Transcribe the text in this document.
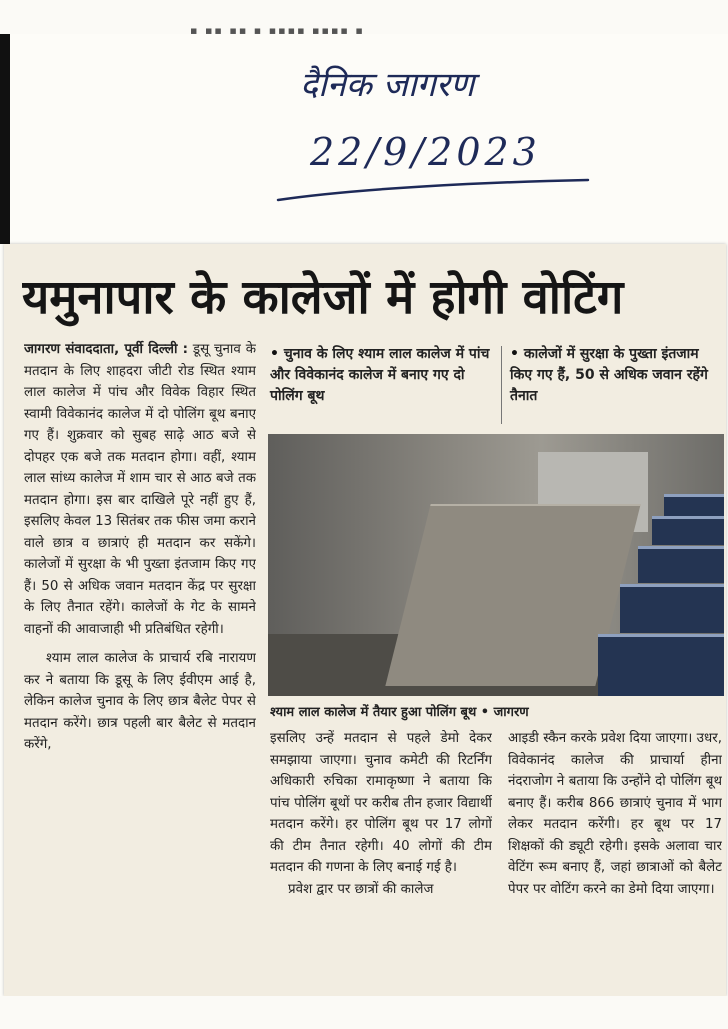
▪ ▪▪ ▪▪ ▪ ▪▪▪▪ ▪▪▪▪ ▪
दैनिक जागरण
22/9/2023
यमुनापार के कालेजों में होगी वोटिंग

जागरण संवाददाता, पूर्वी दिल्ली : डूसू चुनाव के मतदान के लिए शाहदरा जीटी रोड स्थित श्याम लाल कालेज में पांच और विवेक विहार स्थित स्वामी विवेकानंद कालेज में दो पोलिंग बूथ बनाए गए हैं। शुक्रवार को सुबह साढ़े आठ बजे से दोपहर एक बजे तक मतदान होगा। वहीं, श्याम लाल सांध्य कालेज में शाम चार से आठ बजे तक मतदान होगा। इस बार दाखिले पूरे नहीं हुए हैं, इसलिए केवल 13 सितंबर तक फीस जमा कराने वाले छात्र व छात्राएं ही मतदान कर सकेंगे। कालेजों में सुरक्षा के भी पुख्ता इंतजाम किए गए हैं। 50 से अधिक जवान मतदान केंद्र पर सुरक्षा के लिए तैनात रहेंगे। कालेजों के गेट के सामने वाहनों की आवाजाही भी प्रतिबंधित रहेगी।

श्याम लाल कालेज के प्राचार्य रबि नारायण कर ने बताया कि डूसू के लिए ईवीएम आई है, लेकिन कालेज चुनाव के लिए छात्र बैलेट पेपर से मतदान करेंगे। छात्र पहली बार बैलेट से मतदान करेंगे,

• चुनाव के लिए श्याम लाल कालेज में पांच और विवेकानंद कालेज में बनाए गए दो पोलिंग बूथ
• कालेजों में सुरक्षा के पुख्ता इंतजाम किए गए हैं, 50 से अधिक जवान रहेंगे तैनात
श्याम लाल कालेज में तैयार हुआ पोलिंग बूथ • जागरण

इसलिए उन्हें मतदान से पहले डेमो देकर समझाया जाएगा। चुनाव कमेटी की रिटर्निंग अधिकारी रुचिका रामाकृष्णा ने बताया कि पांच पोलिंग बूथों पर करीब तीन हजार विद्यार्थी मतदान करेंगे। हर पोलिंग बूथ पर 17 लोगों की टीम तैनात रहेगी। 40 लोगों की टीम मतदान की गणना के लिए बनाई गई है।

प्रवेश द्वार पर छात्रों की कालेज

आइडी स्कैन करके प्रवेश दिया जाएगा। उधर, विवेकानंद कालेज की प्राचार्या हीना नंदराजोग ने बताया कि उन्होंने दो पोलिंग बूथ बनाए हैं। करीब 866 छात्राएं चुनाव में भाग लेकर मतदान करेंगी। हर बूथ पर 17 शिक्षकों की ड्यूटी रहेगी। इसके अलावा चार वेटिंग रूम बनाए हैं, जहां छात्राओं को बैलेट पेपर पर वोटिंग करने का डेमो दिया जाएगा।
